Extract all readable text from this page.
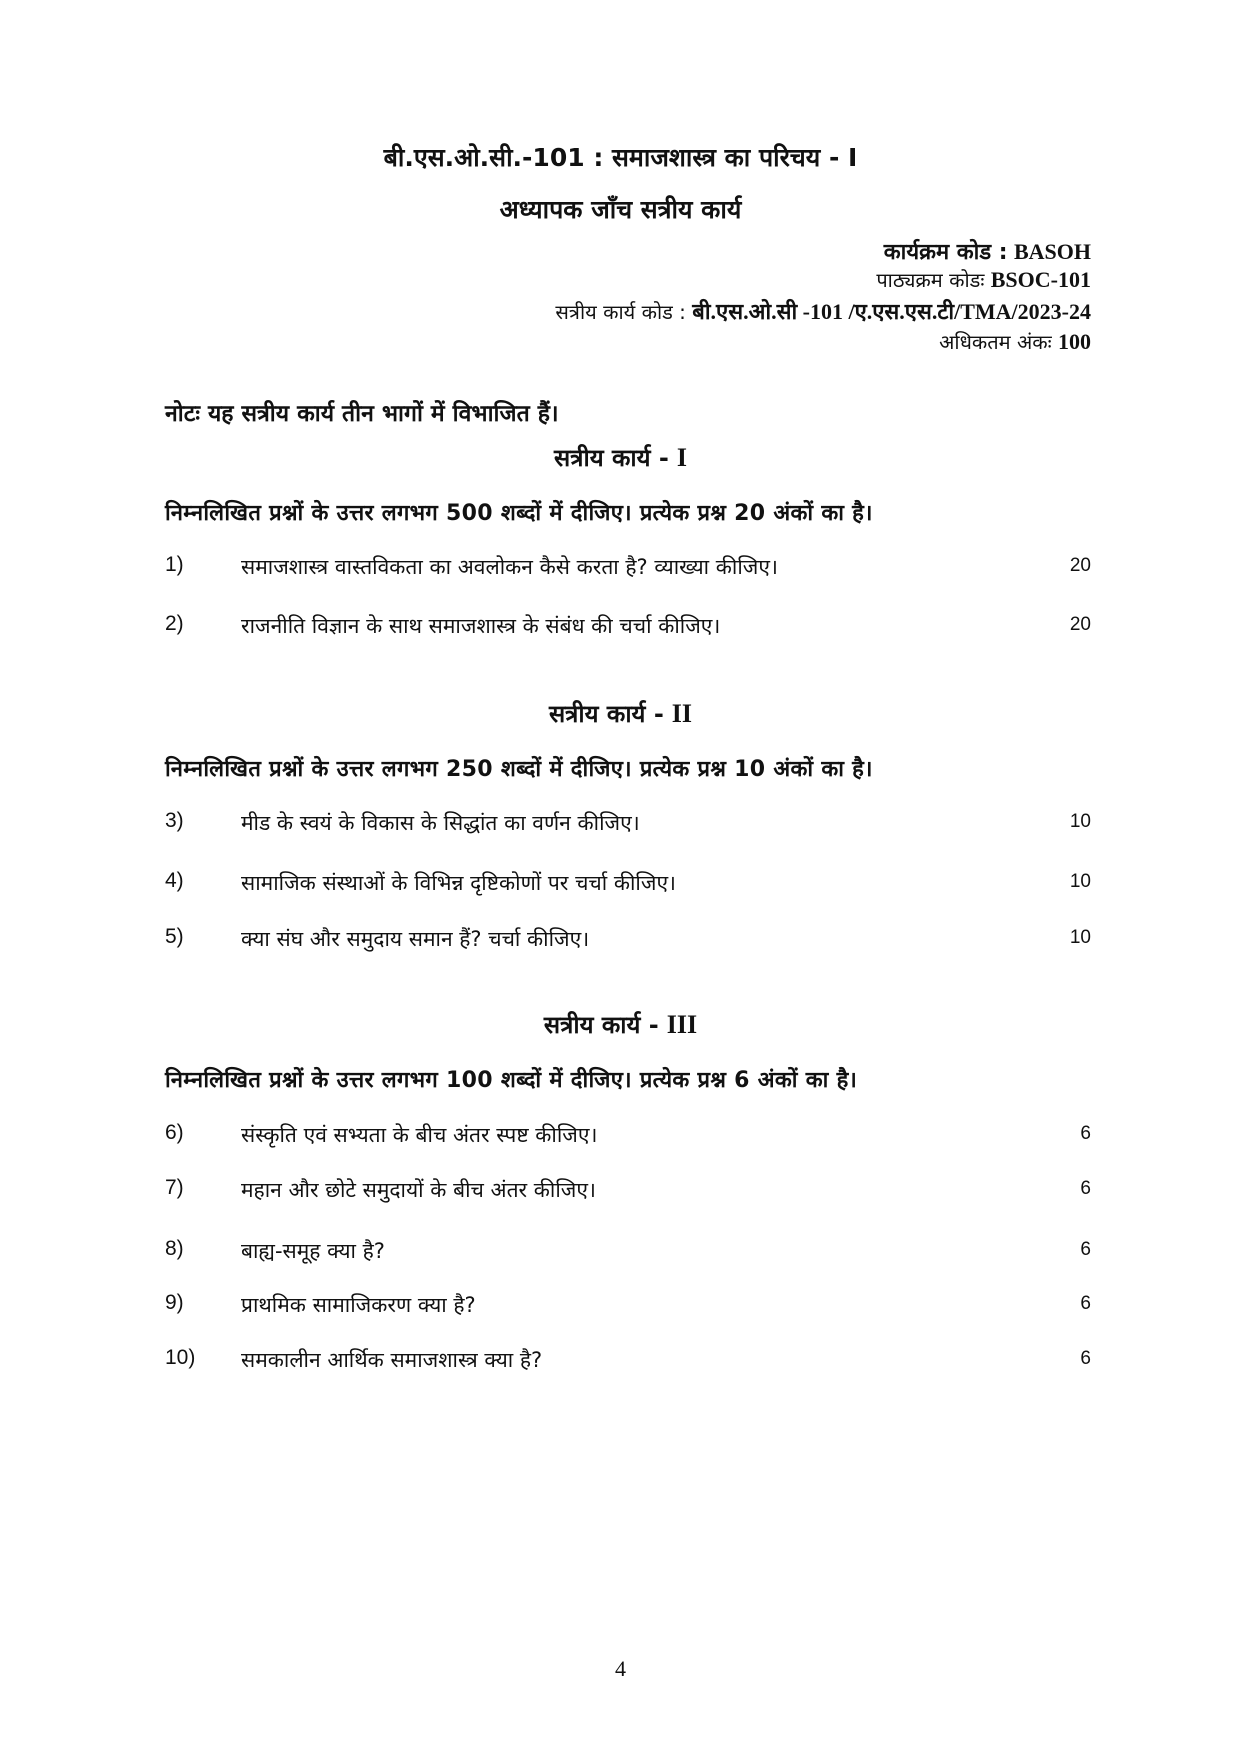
बी.एस.ओ.सी.-101 : समाजशास्त्र का परिचय - I
अध्यापक जाँच सत्रीय कार्य
कार्यक्रम कोड : BASOH
पाठ्यक्रम कोडः BSOC-101
सत्रीय कार्य कोड : बी.एस.ओ.सी -101 /ए.एस.एस.टी/TMA/2023-24
अधिकतम अंकः 100
नोटः यह सत्रीय कार्य तीन भागों में विभाजित हैं।
सत्रीय कार्य - I
निम्नलिखित प्रश्नों के उत्तर लगभग 500 शब्दों में दीजिए। प्रत्येक प्रश्न 20 अंकों का है।
1)	समाजशास्त्र वास्तविकता का अवलोकन कैसे करता है? व्याख्या कीजिए।	20
2)	राजनीति विज्ञान के साथ समाजशास्त्र के संबंध की चर्चा कीजिए।	20
सत्रीय कार्य - II
निम्नलिखित प्रश्नों के उत्तर लगभग 250 शब्दों में दीजिए। प्रत्येक प्रश्न 10 अंकों का है।
3)	मीड के स्वयं के विकास के सिद्धांत का वर्णन कीजिए।	10
4)	सामाजिक संस्थाओं के विभिन्न दृष्टिकोणों पर चर्चा कीजिए।	10
5)	क्या संघ और समुदाय समान हैं? चर्चा कीजिए।	10
सत्रीय कार्य - III
निम्नलिखित प्रश्नों के उत्तर लगभग 100 शब्दों में दीजिए। प्रत्येक प्रश्न 6 अंकों का है।
6)	संस्कृति एवं सभ्यता के बीच अंतर स्पष्ट कीजिए।	6
7)	महान और छोटे समुदायों के बीच अंतर कीजिए।	6
8)	बाह्य-समूह क्या है?	6
9)	प्राथमिक सामाजिकरण क्या है?	6
10) समकालीन आर्थिक समाजशास्त्र क्या है?	6
4
